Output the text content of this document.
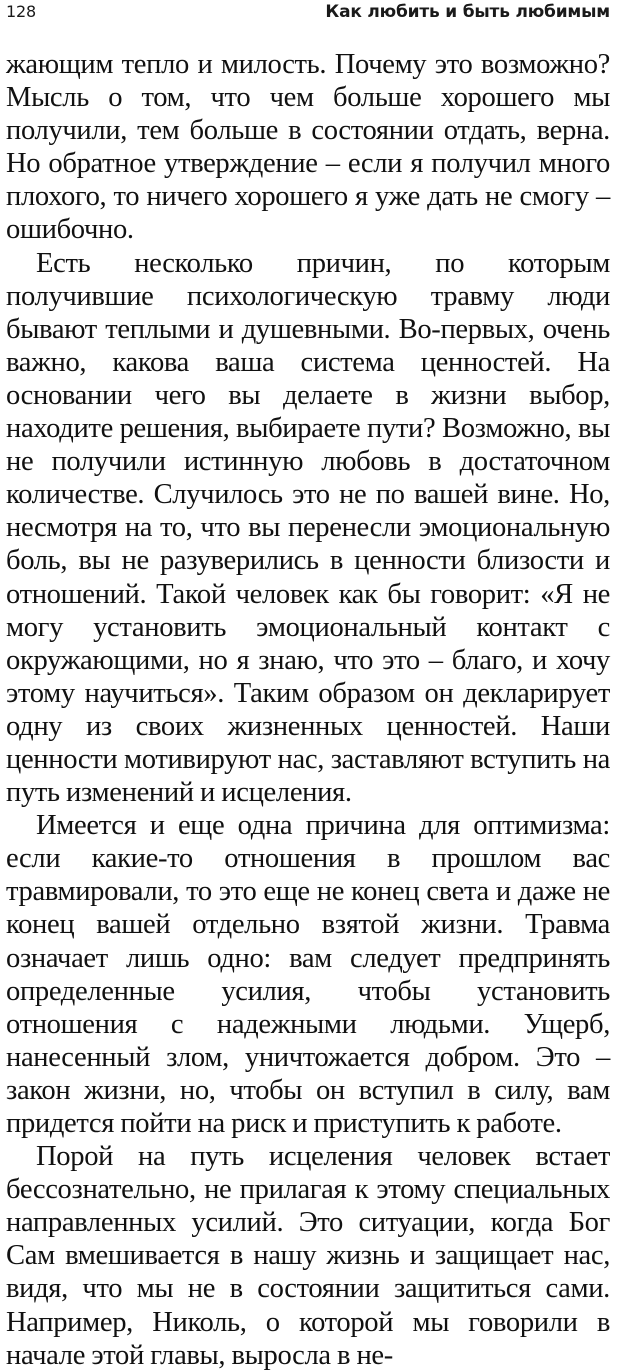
128	Как любить и быть любимым

жающим тепло и милость. Почему это возможно? Мысль о том, что чем больше хорошего мы получили, тем больше в состоянии отдать, верна. Но обратное утверждение – если я получил много плохого, то ничего хорошего я уже дать не смогу – ошибочно.

Есть несколько причин, по которым получившие психологическую травму люди бывают теплыми и душевными. Во-первых, очень важно, какова ваша система ценностей. На основании чего вы делаете в жизни выбор, находите решения, выбираете пути? Возможно, вы не получили истинную любовь в достаточном количестве. Случилось это не по вашей вине. Но, несмотря на то, что вы перенесли эмоциональную боль, вы не разуверились в ценности близости и отношений. Такой человек как бы говорит: «Я не могу установить эмоциональный контакт с окружающими, но я знаю, что это – благо, и хочу этому научиться». Таким образом он декларирует одну из своих жизненных ценностей. Наши ценности мотивируют нас, заставляют вступить на путь изменений и исцеления.

Имеется и еще одна причина для оптимизма: если какие-то отношения в прошлом вас травмировали, то это еще не конец света и даже не конец вашей отдельно взятой жизни. Травма означает лишь одно: вам следует предпринять определенные усилия, чтобы установить отношения с надежными людьми. Ущерб, нанесенный злом, уничтожается добром. Это – закон жизни, но, чтобы он вступил в силу, вам придется пойти на риск и приступить к работе.

Порой на путь исцеления человек встает бессознательно, не прилагая к этому специальных направленных усилий. Это ситуации, когда Бог Сам вмешивается в нашу жизнь и защищает нас, видя, что мы не в состоянии защититься сами. Например, Николь, о которой мы говорили в начале этой главы, выросла в не-
